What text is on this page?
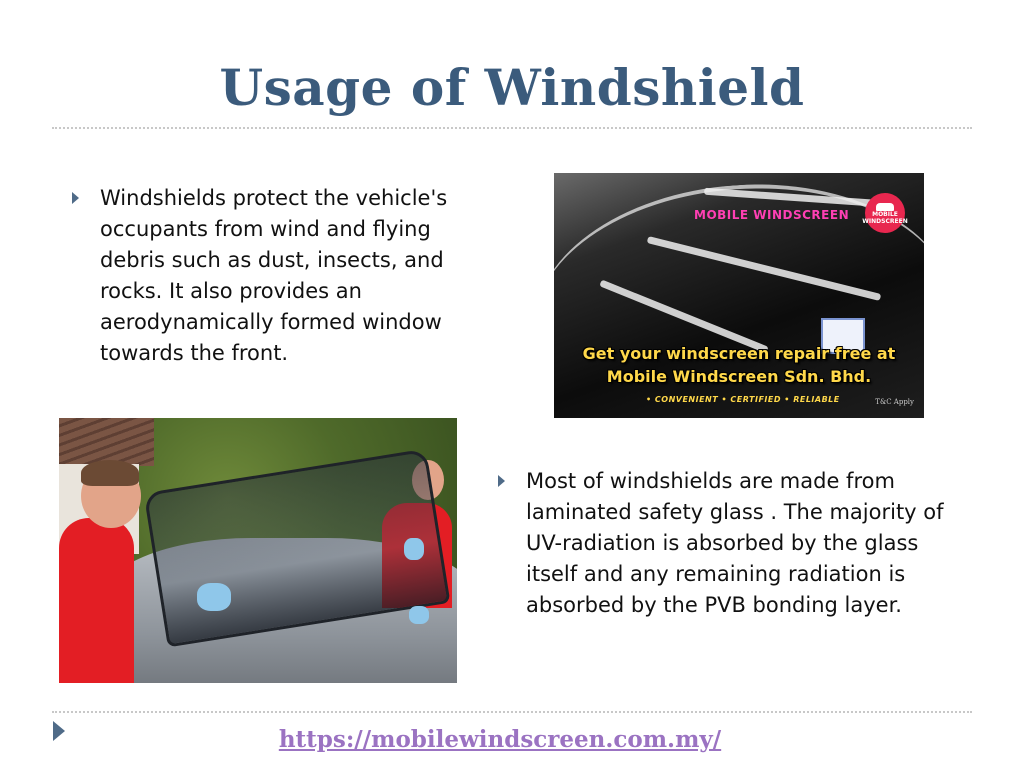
Usage of Windshield
Windshields protect the vehicle's occupants from wind and flying debris such as dust, insects, and rocks. It also provides an aerodynamically formed window towards the front.
MOBILE WINDSCREEN	MOBILE WINDSCREEN
Get your windscreen repair free at
Mobile Windscreen Sdn. Bhd.
• CONVENIENT • CERTIFIED • RELIABLE	T&C Apply
Most of windshields are made from laminated safety glass . The majority of UV-radiation is absorbed by the glass itself and any remaining radiation is absorbed by the PVB bonding layer.
https://mobilewindscreen.com.my/
